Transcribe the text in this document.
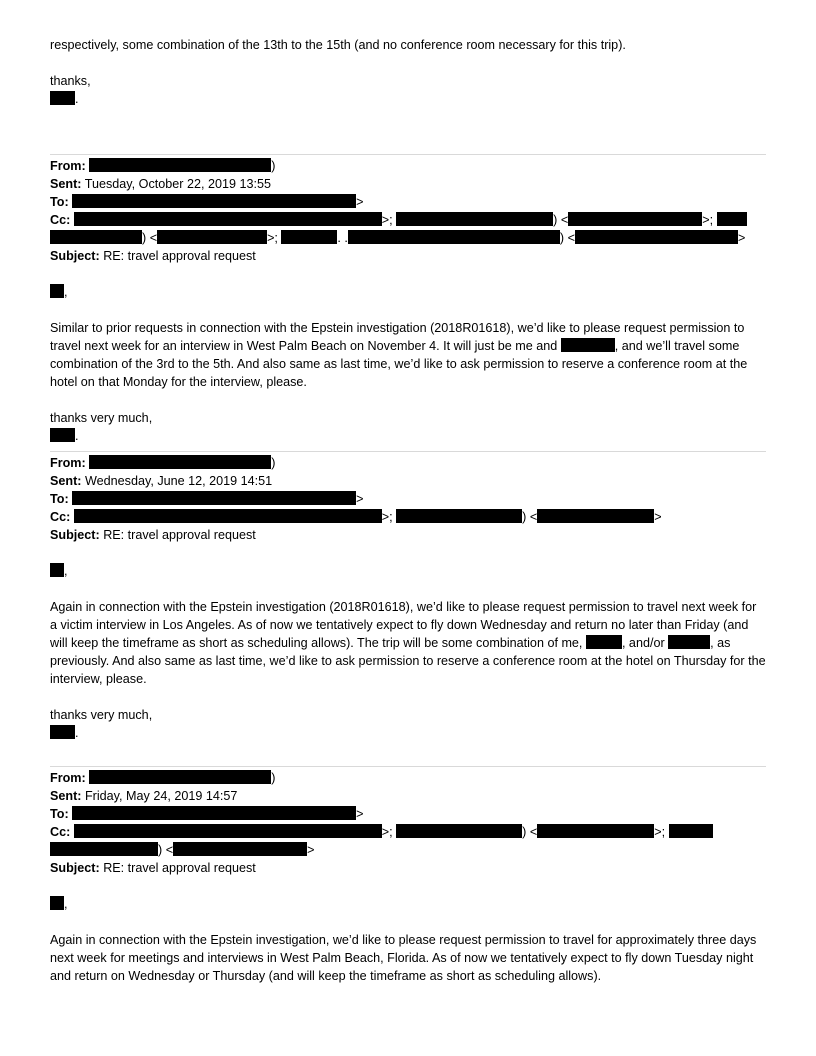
respectively, some combination of the 13th to the 15th (and no conference room necessary for this trip).

thanks,

.

From:	)

Sent: Tuesday, October 22, 2019 13:55

To:	>

Cc:	>;	) <	>;

) <	>;	. .	) <	>

Subject: RE: travel approval request

,

Similar to prior requests in connection with the Epstein investigation (2018R01618), we’d like to please request permission to travel next week for an interview in West Palm Beach on November 4. It will just be me and	, and we’ll travel some combination of the 3rd to the 5th. And also same as last time, we’d like to ask permission to reserve a conference room at the hotel on that Monday for the interview, please.

thanks very much,

.

From:	)

Sent: Wednesday, June 12, 2019 14:51

To:	>

Cc:	>;	) <	>

Subject: RE: travel approval request

,

Again in connection with the Epstein investigation (2018R01618), we’d like to please request permission to travel next week for a victim interview in Los Angeles. As of now we tentatively expect to fly down Wednesday and return no later than Friday (and will keep the timeframe as short as scheduling allows). The trip will be some combination of me,	, and/or	, as previously. And also same as last time, we’d like to ask permission to reserve a conference room at the hotel on Thursday for the interview, please.

thanks very much,

.

From:	)

Sent: Friday, May 24, 2019 14:57

To:	>

Cc:	>;	) <	>;

) <	>

Subject: RE: travel approval request

,

Again in connection with the Epstein investigation, we’d like to please request permission to travel for approximately three days next week for meetings and interviews in West Palm Beach, Florida. As of now we tentatively expect to fly down Tuesday night and return on Wednesday or Thursday (and will keep the timeframe as short as scheduling allows).
